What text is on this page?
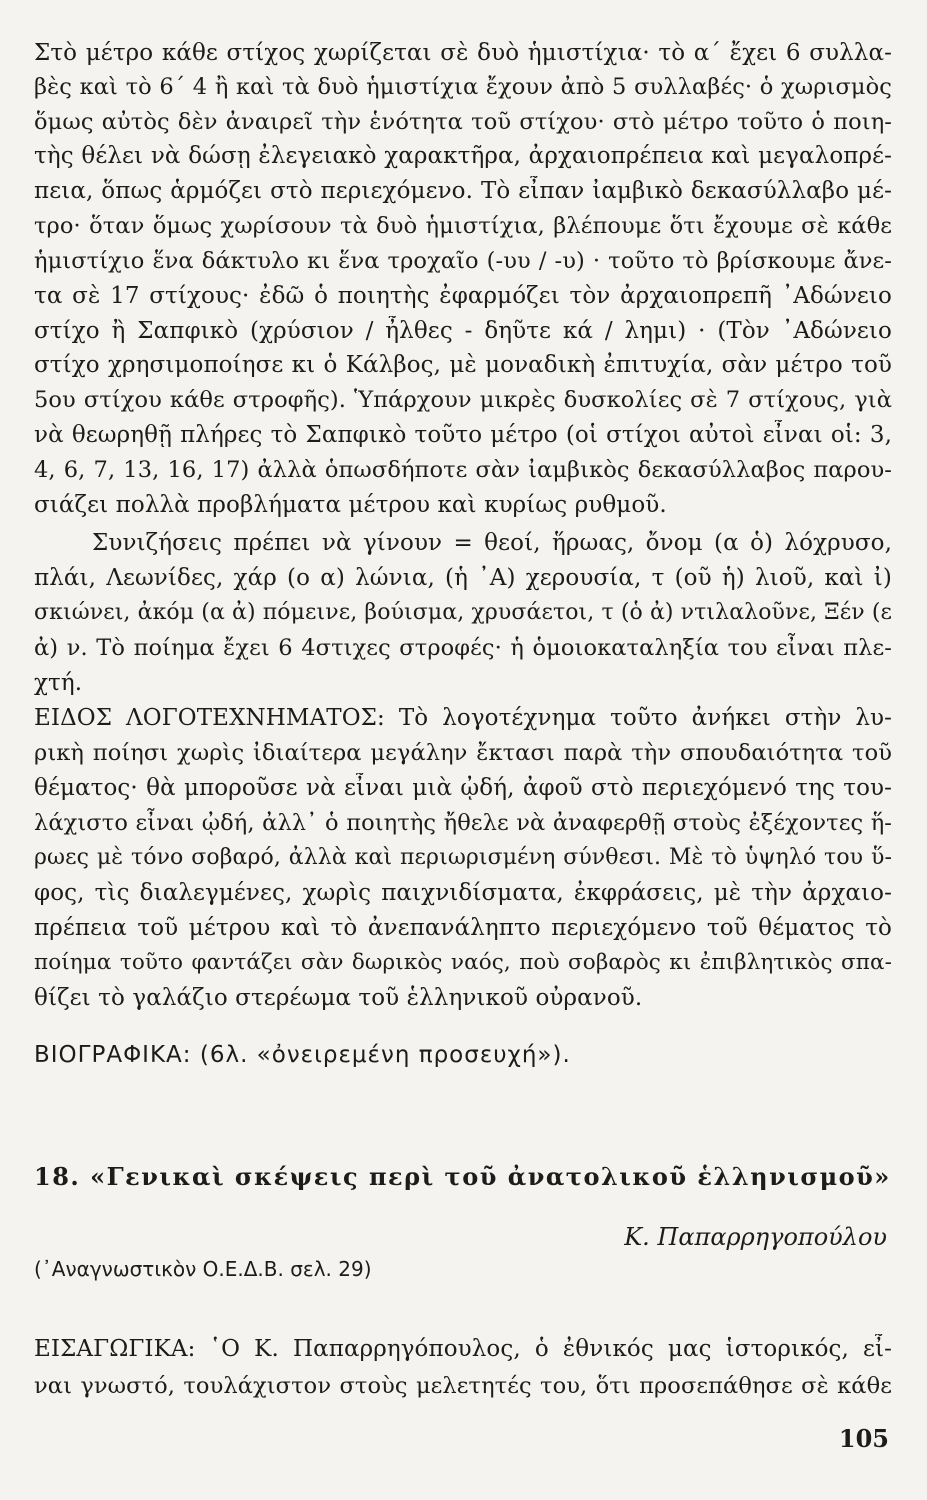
Στὸ μέτρο κάθε στίχος χωρίζεται σὲ δυὸ ἡμιστίχια· τὸ α΄ ἔχει 6 συλλα-
βὲς καὶ τὸ 6΄ 4 ἢ καὶ τὰ δυὸ ἡμιστίχια ἔχουν ἀπὸ 5 συλλαβές· ὁ χωρισμὸς
ὅμως αὐτὸς δὲν ἀναιρεῖ τὴν ἑνότητα τοῦ στίχου· στὸ μέτρο τοῦτο ὁ ποιη-
τὴς θέλει νὰ δώσῃ ἐλεγειακὸ χαρακτῆρα, ἀρχαιοπρέπεια καὶ μεγαλοπρέ-
πεια, ὅπως ἁρμόζει στὸ περιεχόμενο. Τὸ εἶπαν ἰαμβικὸ δεκασύλλαβο μέ-
τρο· ὅταν ὅμως χωρίσουν τὰ δυὸ ἡμιστίχια, βλέπουμε ὅτι ἔχουμε σὲ κάθε
ἡμιστίχιο ἕνα δάκτυλο κι ἕνα τροχαῖο (-υυ / -υ) · τοῦτο τὸ βρίσκουμε ἄνε-
τα σὲ 17 στίχους· ἐδῶ ὁ ποιητὴς ἐφαρμόζει τὸν ἀρχαιοπρεπῆ ᾿Αδώνειο
στίχο ἢ Σαπφικὸ (χρύσιον / ἦλθες - δηῦτε κά / λημι) · (Τὸν ᾿Αδώνειο
στίχο χρησιμοποίησε κι ὁ Κάλβος, μὲ μοναδικὴ ἐπιτυχία, σὰν μέτρο τοῦ
5ου στίχου κάθε στροφῆς). Ὑπάρχουν μικρὲς δυσκολίες σὲ 7 στίχους, γιὰ
νὰ θεωρηθῇ πλήρες τὸ Σαπφικὸ τοῦτο μέτρο (οἱ στίχοι αὐτοὶ εἶναι οἱ: 3,
4, 6, 7, 13, 16, 17) ἀλλὰ ὁπωσδήποτε σὰν ἰαμβικὸς δεκασύλλαβος παρου-
σιάζει πολλὰ προβλήματα μέτρου καὶ κυρίως ρυθμοῦ.
Συνιζήσεις πρέπει νὰ γίνουν = θεοί, ἥρωας, ὄνομ (α ὁ) λόχρυσο,
πλάι, Λεωνίδες, χάρ (ο α) λώνια, (ἡ ᾿Α) χερουσία, τ (οῦ ἡ) λιοῦ, καὶ ἰ)
σκιώνει, ἀκόμ (α ἀ) πόμεινε, βούισμα, χρυσάετοι, τ (ὁ ἀ) ντιλαλοῦνε, Ξέν (ε
ἀ) ν. Τὸ ποίημα ἔχει 6 4στιχες στροφές· ἡ ὁμοιοκαταληξία του εἶναι πλε-
χτή.
ΕΙΔΟΣ ΛΟΓΟΤΕΧΝΗΜΑΤΟΣ: Τὸ λογοτέχνημα τοῦτο ἀνήκει στὴν λυ-
ρικὴ ποίησι χωρὶς ἰδιαίτερα μεγάλην ἔκτασι παρὰ τὴν σπουδαιότητα τοῦ
θέματος· θὰ μποροῦσε νὰ εἶναι μιὰ ᾠδή, ἀφοῦ στὸ περιεχόμενό της του-
λάχιστο εἶναι ᾠδή, ἀλλ᾿ ὁ ποιητὴς ἤθελε νὰ ἀναφερθῇ στοὺς ἐξέχοντες ἥ-
ρωες μὲ τόνο σοβαρό, ἀλλὰ καὶ περιωρισμένη σύνθεσι. Μὲ τὸ ὑψηλό του ὕ-
φος, τὶς διαλεγμένες, χωρὶς παιχνιδίσματα, ἐκφράσεις, μὲ τὴν ἀρχαιο-
πρέπεια τοῦ μέτρου καὶ τὸ ἀνεπανάληπτο περιεχόμενο τοῦ θέματος τὸ
ποίημα τοῦτο φαντάζει σὰν δωρικὸς ναός, ποὺ σοβαρὸς κι ἐπιβλητικὸς σπα-
θίζει τὸ γαλάζιο στερέωμα τοῦ ἑλληνικοῦ οὐρανοῦ.
ΒΙΟΓΡΑΦΙΚΑ: (6λ. «ὀνειρεμένη προσευχή»).
18. «Γενικαὶ σκέψεις περὶ τοῦ ἀνατολικοῦ ἑλληνισμοῦ»
Κ. Παπαρρηγοπούλου
(᾿Αναγνωστικὸν Ο.Ε.Δ.Β. σελ. 29)
ΕΙΣΑΓΩΓΙΚΑ: ῾Ο Κ. Παπαρρηγόπουλος, ὁ ἐθνικός μας ἱστορικός, εἶ-
ναι γνωστό, τουλάχιστον στοὺς μελετητές του, ὅτι προσεπάθησε σὲ κάθε
105
